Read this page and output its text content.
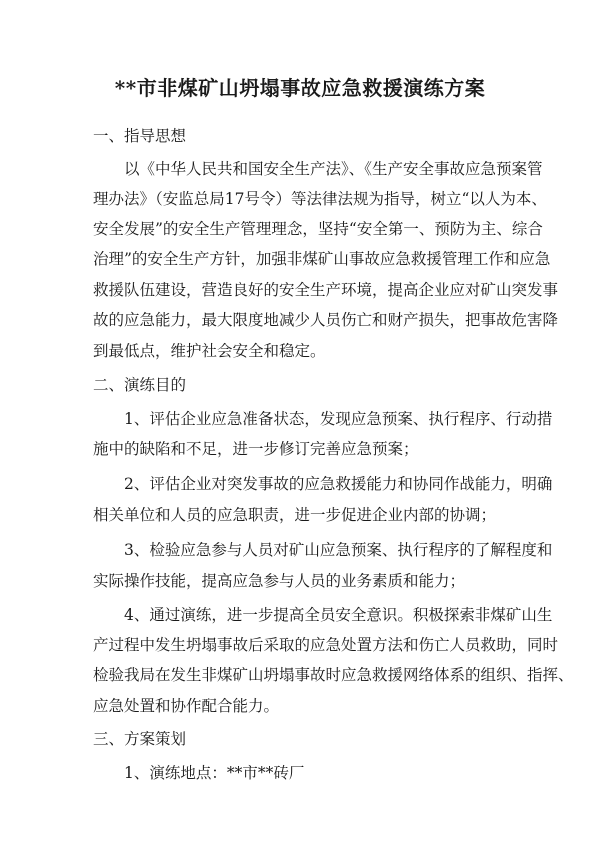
**市非煤矿山坍塌事故应急救援演练方案
一、指导思想
以《中华人民共和国安全生产法》、《生产安全事故应急预案管
理办法》（安监总局17号令）等法律法规为指导，树立“以人为本、
安全发展”的安全生产管理理念，坚持“安全第一、预防为主、综合
治理”的安全生产方针，加强非煤矿山事故应急救援管理工作和应急
救援队伍建设，营造良好的安全生产环境，提高企业应对矿山突发事
故的应急能力，最大限度地减少人员伤亡和财产损失，把事故危害降
到最低点，维护社会安全和稳定。
二、演练目的
1、评估企业应急准备状态，发现应急预案、执行程序、行动措
施中的缺陷和不足，进一步修订完善应急预案；
2、评估企业对突发事故的应急救援能力和协同作战能力，明确
相关单位和人员的应急职责，进一步促进企业内部的协调；
3、检验应急参与人员对矿山应急预案、执行程序的了解程度和
实际操作技能，提高应急参与人员的业务素质和能力；
4、通过演练，进一步提高全员安全意识。积极探索非煤矿山生
产过程中发生坍塌事故后采取的应急处置方法和伤亡人员救助，同时
检验我局在发生非煤矿山坍塌事故时应急救援网络体系的组织、指挥、
应急处置和协作配合能力。
三、方案策划
1、演练地点：**市**砖厂
